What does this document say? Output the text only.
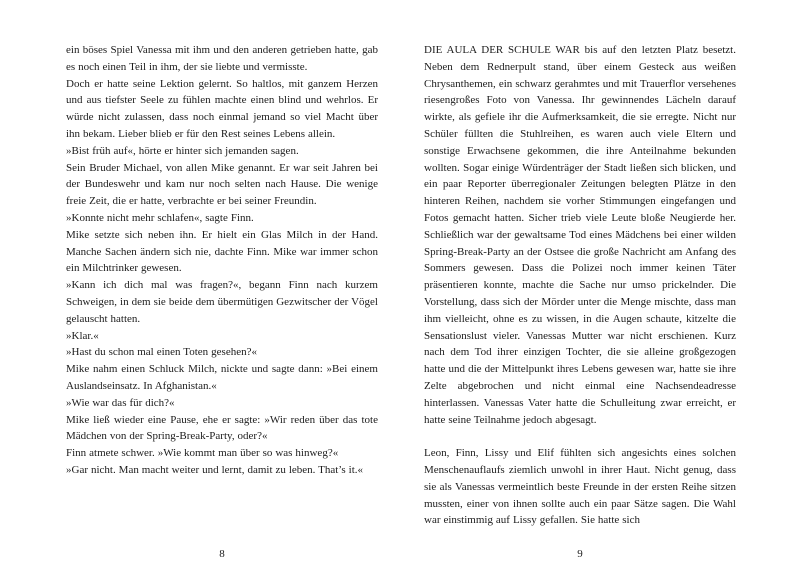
ein böses Spiel Vanessa mit ihm und den anderen getrieben hatte, gab es noch einen Teil in ihm, der sie liebte und vermisste.

Doch er hatte seine Lektion gelernt. So haltlos, mit ganzem Herzen und aus tiefster Seele zu fühlen machte einen blind und wehrlos. Er würde nicht zulassen, dass noch einmal jemand so viel Macht über ihn bekam. Lieber blieb er für den Rest seines Lebens allein.

»Bist früh auf«, hörte er hinter sich jemanden sagen.

Sein Bruder Michael, von allen Mike genannt. Er war seit Jahren bei der Bundeswehr und kam nur noch selten nach Hause. Die wenige freie Zeit, die er hatte, verbrachte er bei seiner Freundin.

»Konnte nicht mehr schlafen«, sagte Finn.

Mike setzte sich neben ihn. Er hielt ein Glas Milch in der Hand. Manche Sachen ändern sich nie, dachte Finn. Mike war immer schon ein Milchtrinker gewesen.

»Kann ich dich mal was fragen?«, begann Finn nach kurzem Schweigen, in dem sie beide dem übermütigen Gezwitscher der Vögel gelauscht hatten.

»Klar.«

»Hast du schon mal einen Toten gesehen?«

Mike nahm einen Schluck Milch, nickte und sagte dann: »Bei einem Auslandseinsatz. In Afghanistan.«

»Wie war das für dich?«

Mike ließ wieder eine Pause, ehe er sagte: »Wir reden über das tote Mädchen von der Spring-Break-Party, oder?«

Finn atmete schwer. »Wie kommt man über so was hinweg?«

»Gar nicht. Man macht weiter und lernt, damit zu leben. That’s it.«

8

DIE AULA DER SCHULE WAR bis auf den letzten Platz besetzt. Neben dem Rednerpult stand, über einem Gesteck aus weißen Chrysanthemen, ein schwarz gerahmtes und mit Trauerflor versehenes riesengroßes Foto von Vanessa. Ihr gewinnendes Lächeln darauf wirkte, als gefiele ihr die Aufmerksamkeit, die sie erregte. Nicht nur Schüler füllten die Stuhlreihen, es waren auch viele Eltern und sonstige Erwachsene gekommen, die ihre Anteilnahme bekunden wollten. Sogar einige Würdenträger der Stadt ließen sich blicken, und ein paar Reporter überregionaler Zeitungen belegten Plätze in den hinteren Reihen, nachdem sie vorher Stimmungen eingefangen und Fotos gemacht hatten. Sicher trieb viele Leute bloße Neugierde her. Schließlich war der gewaltsame Tod eines Mädchens bei einer wilden Spring-Break-Party an der Ostsee die große Nachricht am Anfang des Sommers gewesen. Dass die Polizei noch immer keinen Täter präsentieren konnte, machte die Sache nur umso prickelnder. Die Vorstellung, dass sich der Mörder unter die Menge mischte, dass man ihm vielleicht, ohne es zu wissen, in die Augen schaute, kitzelte die Sensationslust vieler. Vanessas Mutter war nicht erschienen. Kurz nach dem Tod ihrer einzigen Tochter, die sie alleine großgezogen hatte und die der Mittelpunkt ihres Lebens gewesen war, hatte sie ihre Zelte abgebrochen und nicht einmal eine Nachsendeadresse hinterlassen. Vanessas Vater hatte die Schulleitung zwar erreicht, er hatte seine Teilnahme jedoch abgesagt.

Leon, Finn, Lissy und Elif fühlten sich angesichts eines solchen Menschenauflaufs ziemlich unwohl in ihrer Haut. Nicht genug, dass sie als Vanessas vermeintlich beste Freunde in der ersten Reihe sitzen mussten, einer von ihnen sollte auch ein paar Sätze sagen. Die Wahl war einstimmig auf Lissy gefallen. Sie hatte sich

9
